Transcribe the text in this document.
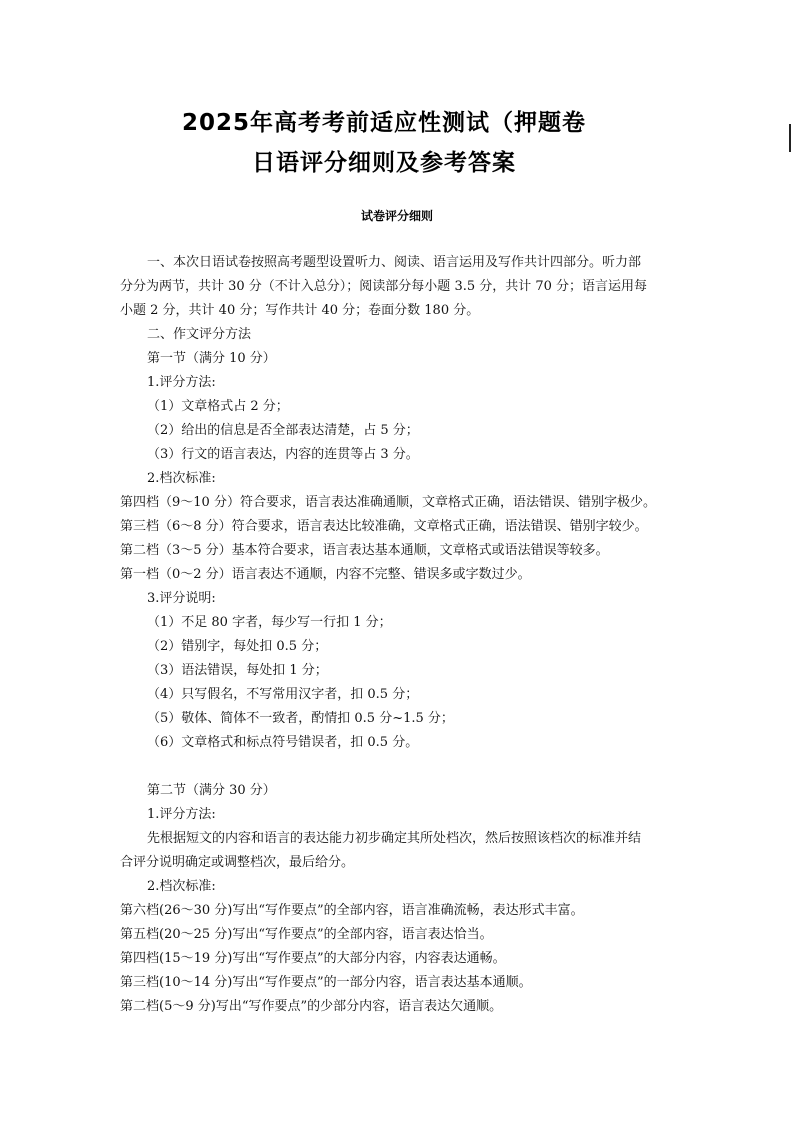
2025年高考考前适应性测试（押题卷
日语评分细则及参考答案
试卷评分细则
一、本次日语试卷按照高考题型设置听力、阅读、语言运用及写作共计四部分。听力部
分分为两节，共计 30 分（不计入总分）；阅读部分每小题 3.5 分，共计 70 分；语言运用每
小题 2 分，共计 40 分；写作共计 40 分；卷面分数 180 分。
二、作文评分方法
第一节（满分 10 分）
1.评分方法:
（1）文章格式占 2 分；
（2）给出的信息是否全部表达清楚，占 5 分；
（3）行文的语言表达，内容的连贯等占 3 分。
2.档次标准:
第四档（9～10 分）符合要求，语言表达准确通顺，文章格式正确，语法错误、错别字极少。
第三档（6～8 分）符合要求，语言表达比较准确，文章格式正确，语法错误、错别字较少。
第二档（3～5 分）基本符合要求，语言表达基本通顺，文章格式或语法错误等较多。
第一档（0～2 分）语言表达不通顺，内容不完整、错误多或字数过少。
3.评分说明:
（1）不足 80 字者，每少写一行扣 1 分；
（2）错别字，每处扣 0.5 分；
（3）语法错误，每处扣 1 分；
（4）只写假名，不写常用汉字者，扣 0.5 分；
（5）敬体、简体不一致者，酌情扣 0.5 分~1.5 分；
（6）文章格式和标点符号错误者，扣 0.5 分。
第二节（满分 30 分）
1.评分方法:
先根据短文的内容和语言的表达能力初步确定其所处档次，然后按照该档次的标准并结
合评分说明确定或调整档次，最后给分。
2.档次标准:
第六档(26～30 分)写出“写作要点”的全部内容，语言准确流畅，表达形式丰富。
第五档(20～25 分)写出“写作要点”的全部内容，语言表达恰当。
第四档(15～19 分)写出“写作要点”的大部分内容，内容表达通畅。
第三档(10～14 分)写出“写作要点”的一部分内容，语言表达基本通顺。
第二档(5～9 分)写出“写作要点”的少部分内容，语言表达欠通顺。
